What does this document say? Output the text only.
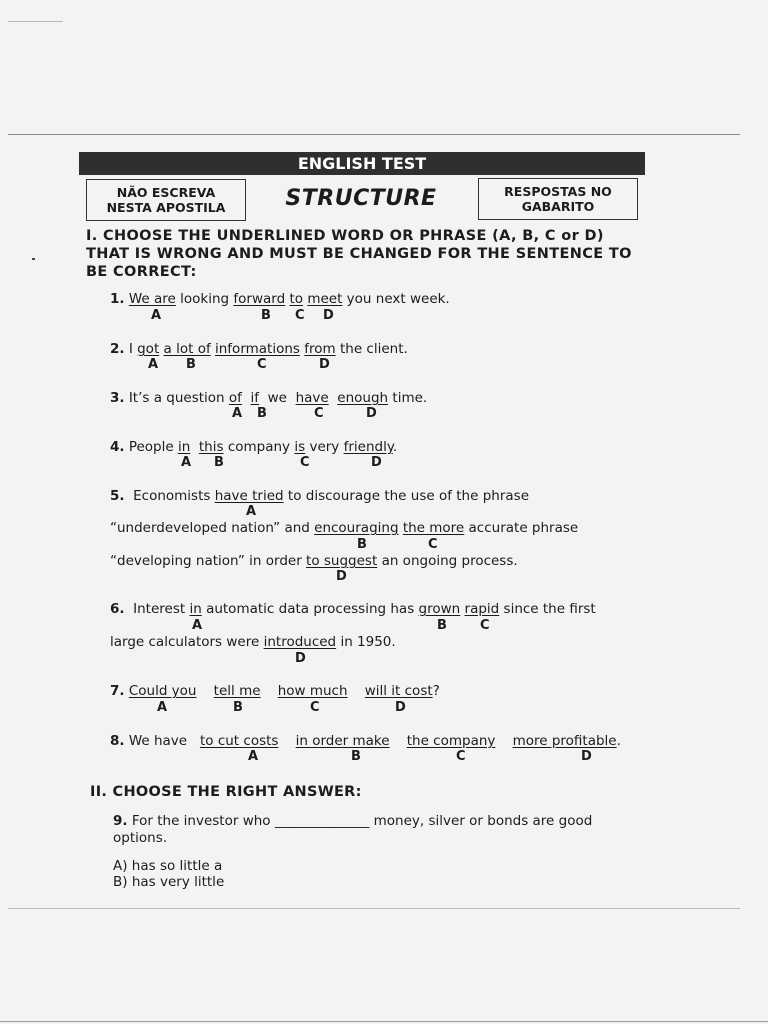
ENGLISH TEST
NÃO ESCREVA
NESTA APOSTILA	STRUCTURE	RESPOSTAS NO
GABARITO
I. CHOOSE THE UNDERLINED WORD OR PHRASE (A, B, C or D)
THAT IS WRONG AND MUST BE CHANGED FOR THE SENTENCE TO
BE CORRECT:
1. We are looking forward to meet you next week.
A	B C D
2. I got a lot of informations from the client.
A B	C	D
3. It’s a question of if we have enough time.
A B	C	D
4. People in this company is very friendly.
A B	C	D
5. Economists have tried to discourage the use of the phrase
A
“underdeveloped nation” and encouraging the more accurate phrase
B	C
“developing nation” in order to suggest an ongoing process.
D
6. Interest in automatic data processing has grown rapid since the first
A	B	C
large calculators were introduced in 1950.
D
7. Could you tell me how much will it cost?
A	B	C	D
8. We have to cut costs in order make the company more profitable.
A	B	C	D
II. CHOOSE THE RIGHT ANSWER:
9. For the investor who ______________ money, silver or bonds are good
options.
A) has so little a
B) has very little
